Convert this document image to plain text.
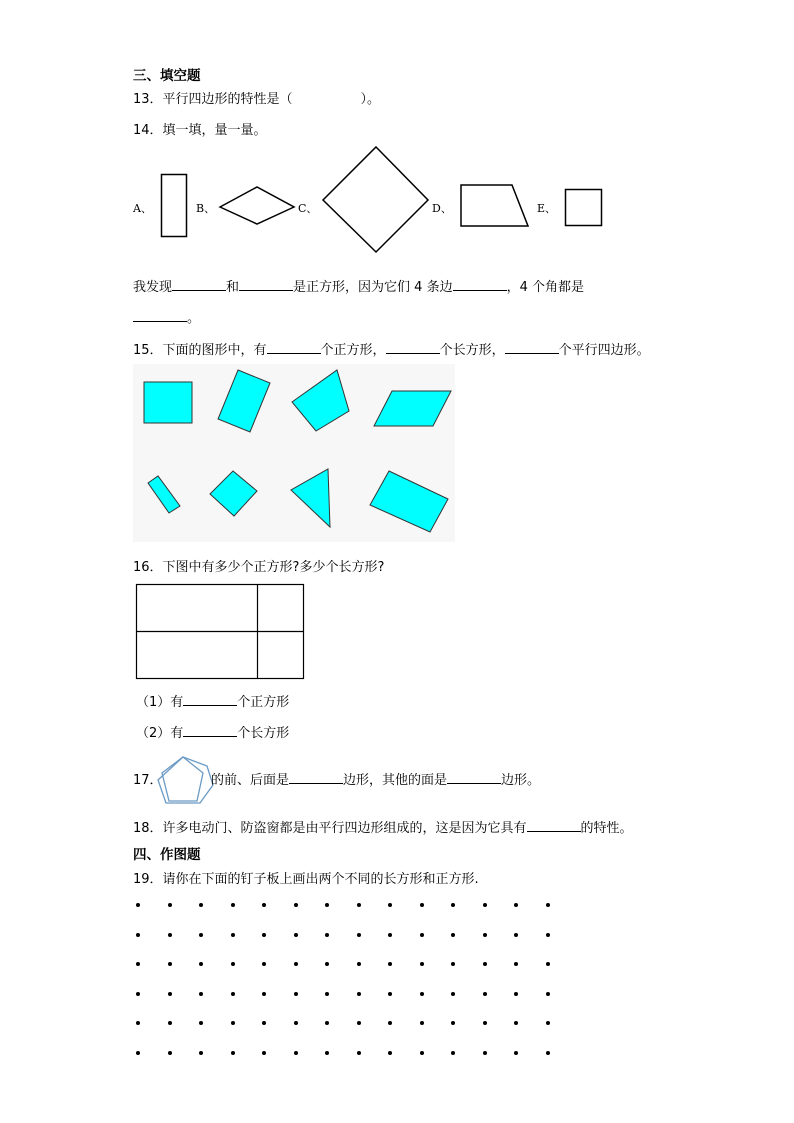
三、填空题
13．平行四边形的特性是（	）。
14．填一填，量一量。
A、	B、	C、	D、	E、
我发现	和	是正方形，因为它们 4 条边	，4 个角都是
。
15．下面的图形中，有	个正方形，	个长方形，	个平行四边形。
16．下图中有多少个正方形?多少个长方形?
（1）有	个正方形
（2）有	个长方形
17．	的前、后面是	边形，其他的面是	边形。
18．许多电动门、防盗窗都是由平行四边形组成的，这是因为它具有	的特性。
四、作图题
19．请你在下面的钉子板上画出两个不同的长方形和正方形.
